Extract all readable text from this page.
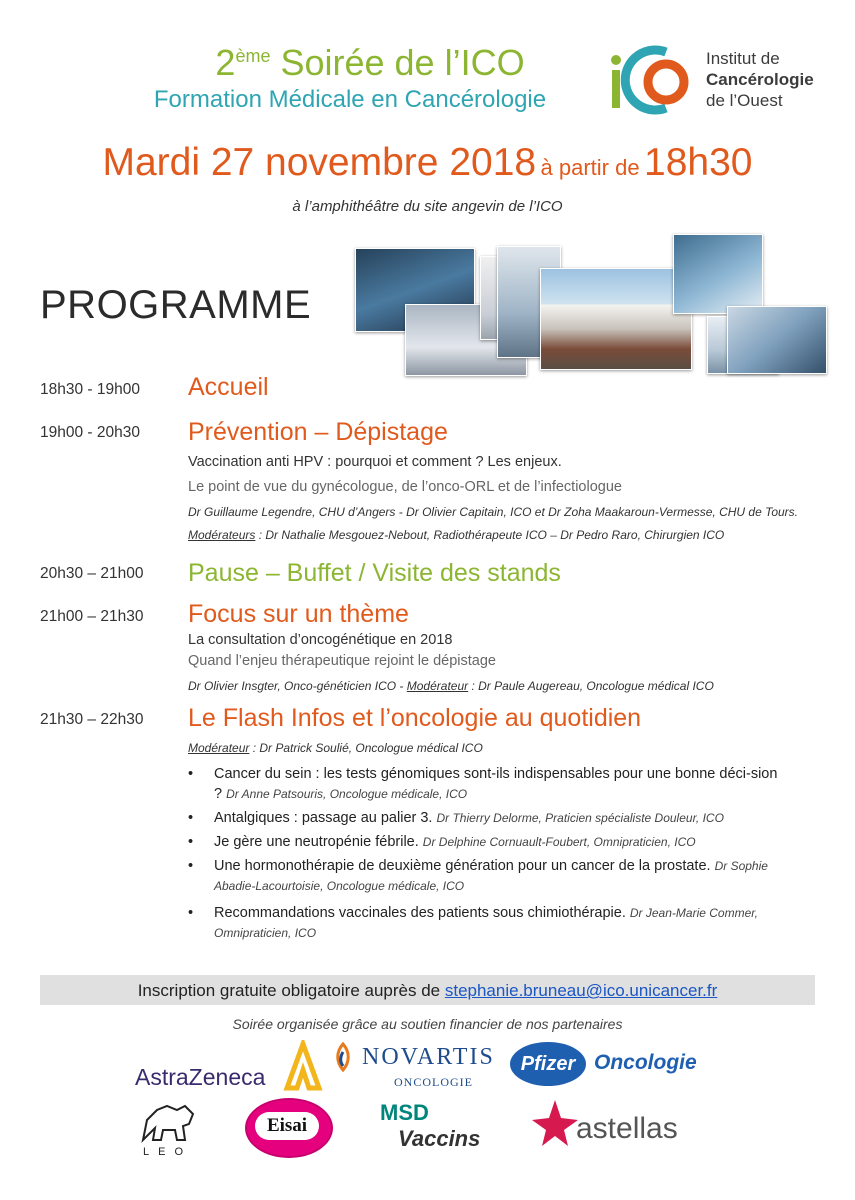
2ème Soirée de l’ICO
Formation Médicale en Cancérologie
Institut de
Cancérologie
de l’Ouest
Mardi 27 novembre 2018 à partir de 18h30
à l’amphithéâtre du site angevin de l’ICO
PROGRAMME
18h30 - 19h00 Accueil
19h00 - 20h30 Prévention – Dépistage
Vaccination anti HPV : pourquoi et comment ? Les enjeux.
Le point de vue du gynécologue, de l’onco-ORL et de l’infectiologue
Dr Guillaume Legendre, CHU d’Angers - Dr Olivier Capitain, ICO et Dr Zoha Maakaroun-Vermesse, CHU de Tours.
Modérateurs : Dr Nathalie Mesgouez-Nebout, Radiothérapeute ICO – Dr Pedro Raro, Chirurgien ICO
20h30 – 21h00 Pause – Buffet / Visite des stands
21h00 – 21h30 Focus sur un thème
La consultation d’oncogénétique en 2018
Quand l’enjeu thérapeutique rejoint le dépistage
Dr Olivier Insgter, Onco-généticien ICO - Modérateur : Dr Paule Augereau, Oncologue médical ICO
21h30 – 22h30 Le Flash Infos et l’oncologie au quotidien
Modérateur : Dr Patrick Soulié, Oncologue médical ICO
• Cancer du sein : les tests génomiques sont-ils indispensables pour une bonne déci-sion ? Dr Anne Patsouris, Oncologue médicale, ICO
• Antalgiques : passage au palier 3. Dr Thierry Delorme, Praticien spécialiste Douleur, ICO
• Je gère une neutropénie fébrile. Dr Delphine Cornuault-Foubert, Omnipraticien, ICO
• Une hormonothérapie de deuxième génération pour un cancer de la prostate. Dr Sophie Abadie-Lacourtoisie, Oncologue médicale, ICO
• Recommandations vaccinales des patients sous chimiothérapie. Dr Jean-Marie Commer, Omnipraticien, ICO
Inscription gratuite obligatoire auprès de stephanie.bruneau@ico.unicancer.fr
Soirée organisée grâce au soutien financier de nos partenaires
AstraZeneca
NOVARTIS
ONCOLOGIE
Pfizer Oncologie
LEO
Eisai
MSD
Vaccins	astellas
